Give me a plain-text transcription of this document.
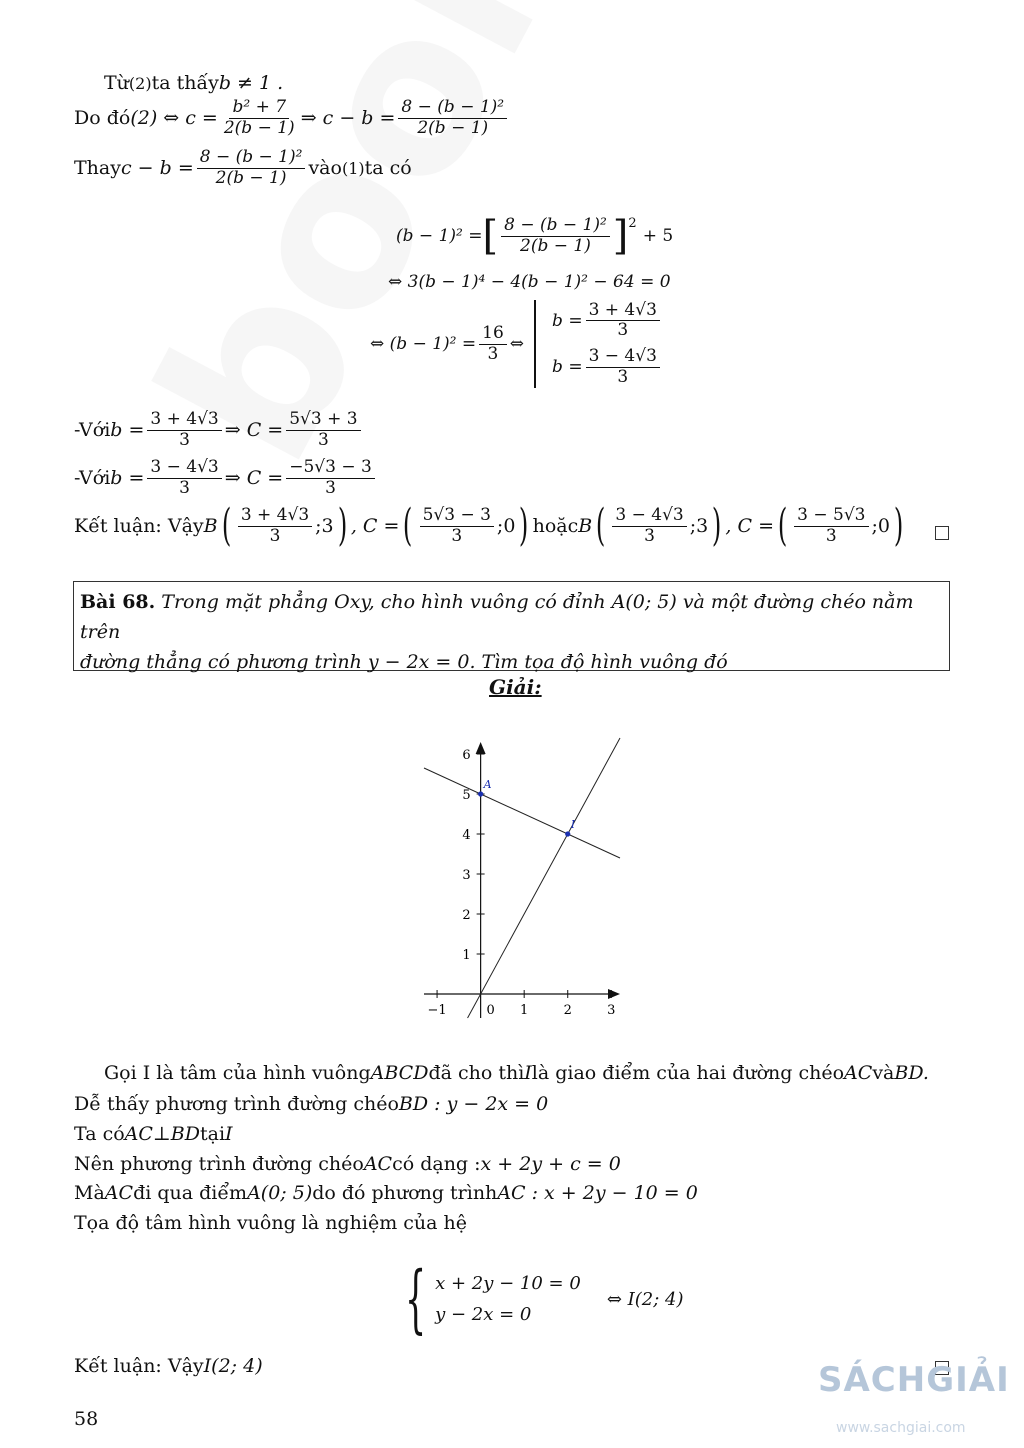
Từ (2) ta thấy b ≠ 1 .
Do đó (2) ⇔ $c = \frac{\text{b² + 7}}{2(b - 1)}$ ⇒ $c - b = \frac{\text{8 − (b − 1)²}}{2(b - 1)}$
Thay $c - b = \frac{\text{8 − (b − 1)²}}{2(b - 1)}$ vào (1) ta có
(b − 1)² = [ $\frac{\text{8 − (b − 1)²}}{2(b - 1)} ]^2$
+ 5
⇔ 3(b − 1)⁴ − 4(b − 1)² − 64 = 0
⇔ $(b - 1)^2 = \frac{16}{3}$ ⇔
$b = \frac{3 + 4√3}{3}$
$b = \frac{3 - 4√3}{3}$
-Với $b = \frac{3 + 4√3}{3}$ ⇒ $C = \frac{5√3 + 3}{3}$
-Với $b = \frac{3 - 4√3}{3}$ ⇒ $C = \frac{-5√3 - 3}{3}$
Kết luận: Vậy B ( $\frac{3 + 4√3}{3}$ ;3 ) , C = ( $\frac{5√3 - 3}{3}$ ;0 ) hoặc B ( $\frac{3 - 4√3}{3}$ ;3 ) , C = ( $\frac{3 - 5√3}{3}$ ;0 )
Bài 68. Trong mặt phẳng Oxy, cho hình vuông có đỉnh A(0; 5) và một đường chéo nằm trên
đường thẳng có phương trình y − 2x = 0. Tìm tọa độ hình vuông đó
Giải:
−1	0 1	2	3
1
2
3
4
5
6
A
I
Gọi I là tâm của hình vuông ABCD đã cho thì I là giao điểm của hai đường chéo AC và BD.
Dễ thấy phương trình đường chéo BD : y − 2x = 0
Ta có AC⊥BD tại I
Nên phương trình đường chéo AC có dạng : x + 2y + c = 0
Mà AC đi qua điểm A(0; 5) do đó phương trình AC : x + 2y − 10 = 0
Tọa độ tâm hình vuông là nghiệm của hệ
{ x + 2y − 10 = 0
y − 2x = 0
⇔ I(2; 4)
Kết luận: Vậy I(2; 4)
58
SÁCHGIẢI
www.sachgiai.com
